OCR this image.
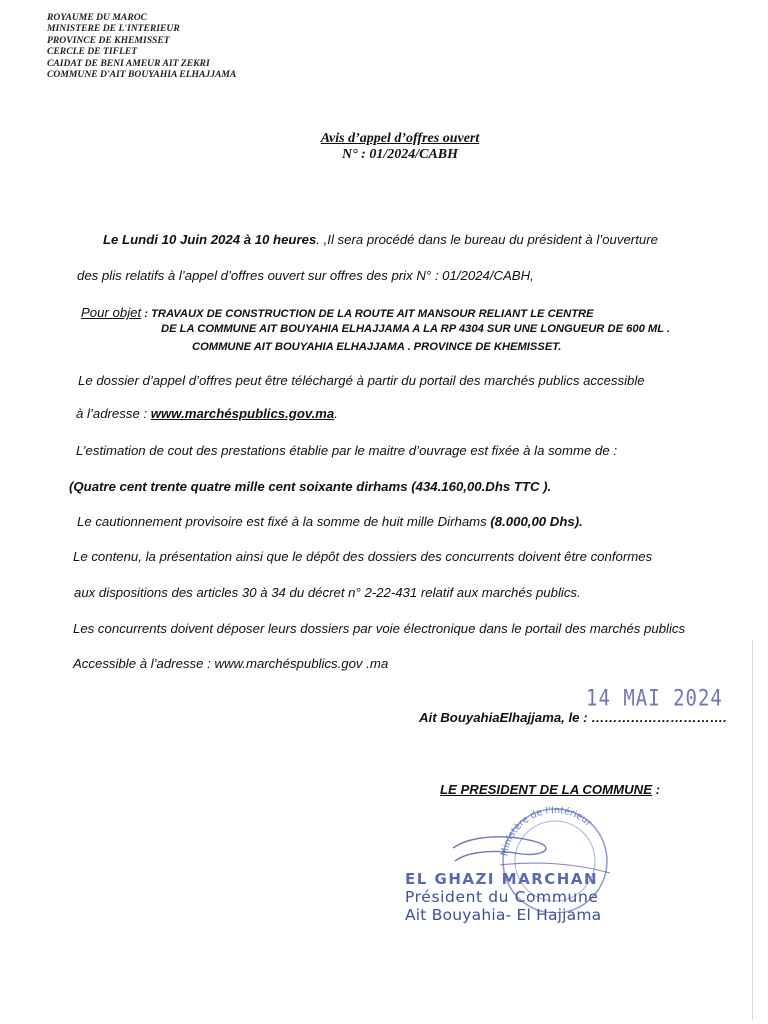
ROYAUME DU MAROC
MINISTERE DE L'INTERIEUR
PROVINCE DE KHEMISSET
CERCLE DE TIFLET
CAIDAT DE BENI AMEUR AIT ZEKRI
COMMUNE D'AIT BOUYAHIA ELHAJJAMA
Avis d’appel d’offres ouvert
N° : 01/2024/CABH
Le Lundi 10 Juin 2024 à 10 heures. ,Il sera procédé dans le bureau du président à l’ouverture
des plis relatifs à l’appel d’offres ouvert sur offres des prix N° : 01/2024/CABH,
Pour objet : TRAVAUX DE CONSTRUCTION DE LA ROUTE AIT MANSOUR RELIANT LE CENTRE
DE LA COMMUNE AIT BOUYAHIA ELHAJJAMA A LA RP 4304 SUR UNE LONGUEUR DE 600 ML .
COMMUNE AIT BOUYAHIA ELHAJJAMA . PROVINCE DE KHEMISSET.
Le dossier d’appel d’offres peut être téléchargé à partir du portail des marchés publics accessible
à l’adresse : www.marchéspublics.gov.ma.
L’estimation de cout des prestations établie par le maitre d’ouvrage est fixée à la somme de :
(Quatre cent trente quatre mille cent soixante dirhams (434.160,00.Dhs TTC ).
Le cautionnement provisoire est fixé à la somme de huit mille Dirhams (8.000,00 Dhs).
Le contenu, la présentation ainsi que le dépôt des dossiers des concurrents doivent être conformes
aux dispositions des articles 30 à 34 du décret n° 2-22-431 relatif aux marchés publics.
Les concurrents doivent déposer leurs dossiers par voie électronique dans le portail des marchés publics
Accessible à l’adresse : www.marchéspublics.gov .ma
14 MAI 2024
Ait BouyahiaElhajjama, le : ………………………….
LE PRESIDENT DE LA COMMUNE :
Ministère de l'Intérieur
EL GHAZI MARCHAN
Président du Commune
Ait Bouyahia- El Hajjama
